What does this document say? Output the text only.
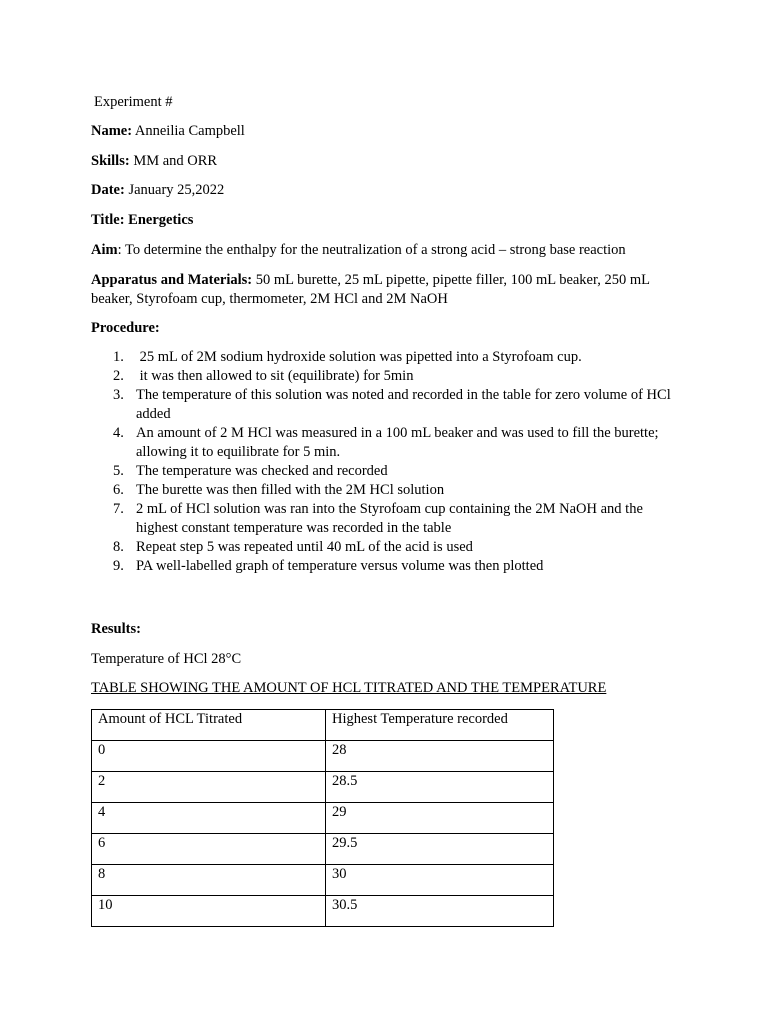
Experiment #
Name: Anneilia Campbell
Skills: MM and ORR
Date: January 25,2022
Title: Energetics
Aim: To determine the enthalpy for the neutralization of a strong acid – strong base reaction
Apparatus and Materials: 50 mL burette, 25 mL pipette, pipette filler, 100 mL beaker, 250 mL beaker, Styrofoam cup, thermometer, 2M HCl and 2M NaOH
Procedure:
1. 25 mL of 2M sodium hydroxide solution was pipetted into a Styrofoam cup.
2. it was then allowed to sit (equilibrate) for 5min
3. The temperature of this solution was noted and recorded in the table for zero volume of HCl added
4. An amount of 2 M HCl was measured in a 100 mL beaker and was used to fill the burette; allowing it to equilibrate for 5 min.
5. The temperature was checked and recorded
6. The burette was then filled with the 2M HCl solution
7. 2 mL of HCl solution was ran into the Styrofoam cup containing the 2M NaOH and the highest constant temperature was recorded in the table
8. Repeat step 5 was repeated until 40 mL of the acid is used
9. PA well-labelled graph of temperature versus volume was then plotted
Results:
Temperature of HCl 28°C
TABLE SHOWING THE AMOUNT OF HCL TITRATED AND THE TEMPERATURE
Amount of HCL Titrated	Highest Temperature recorded
0	28
2	28.5
4	29
6	29.5
8	30
10	30.5
